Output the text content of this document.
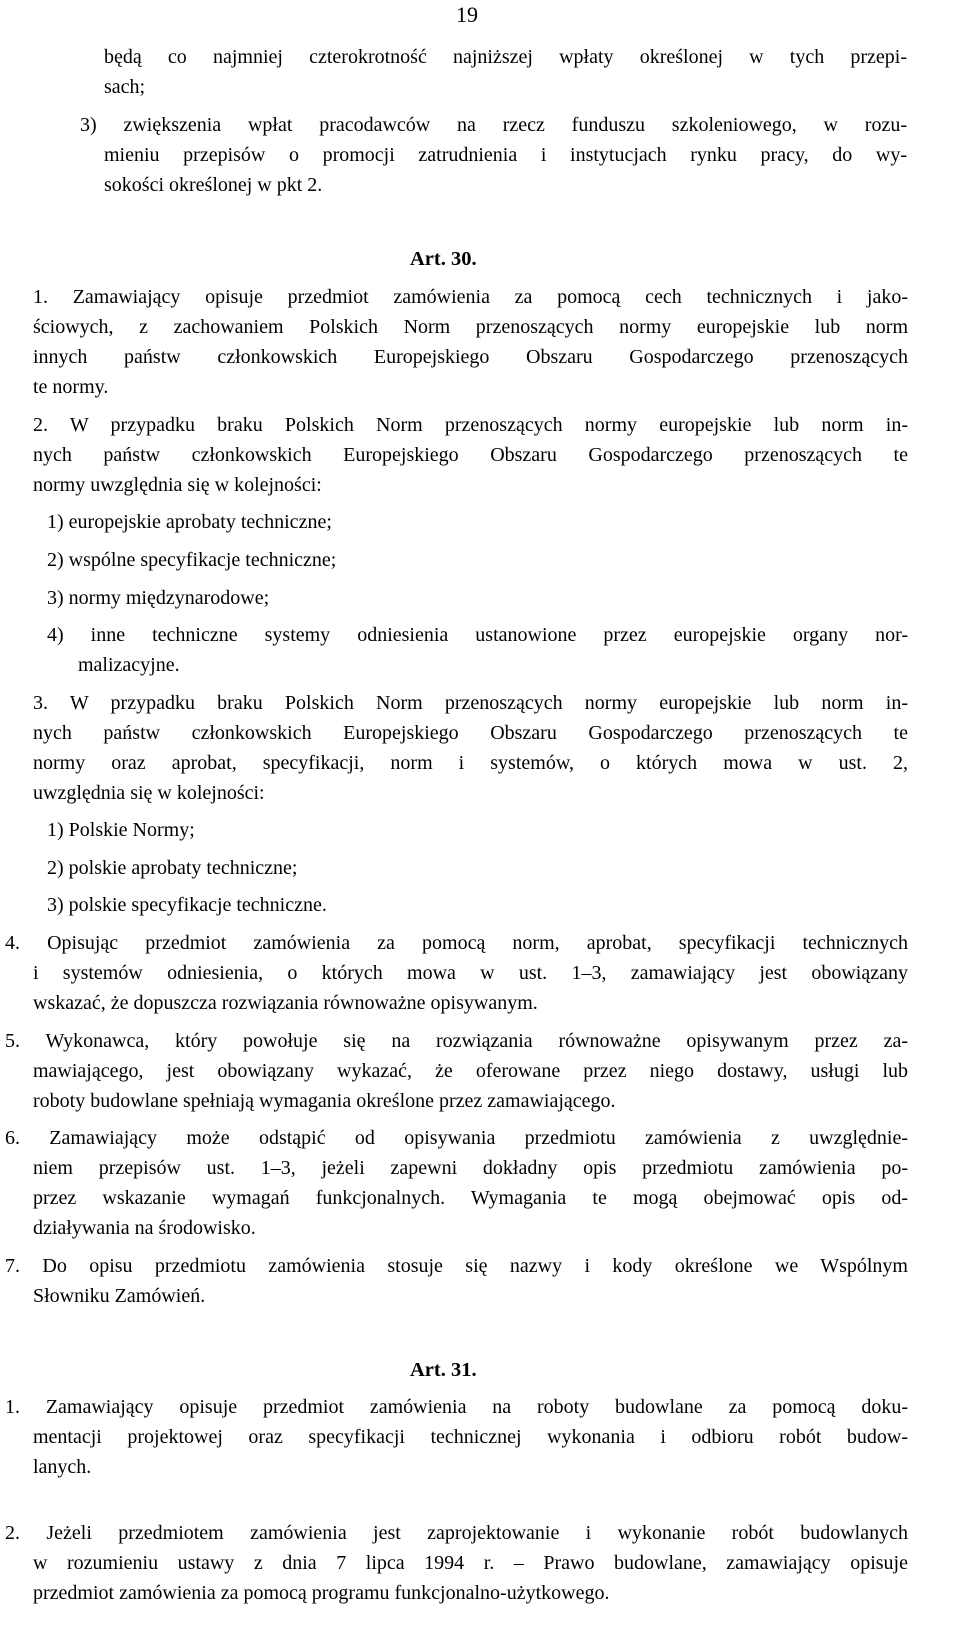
19
będą co najmniej czterokrotność najniższej wpłaty określonej w tych przepi-
sach;
3) zwiększenia wpłat pracodawców na rzecz funduszu szkoleniowego, w rozu-
mieniu przepisów o promocji zatrudnienia i instytucjach rynku pracy, do wy-
sokości określonej w pkt 2.
Art. 30.
1. Zamawiający opisuje przedmiot zamówienia za pomocą cech technicznych i jako-
ściowych, z zachowaniem Polskich Norm przenoszących normy europejskie lub norm
innych państw członkowskich Europejskiego Obszaru Gospodarczego przenoszących
te normy.
2. W przypadku braku Polskich Norm przenoszących normy europejskie lub norm in-
nych państw członkowskich Europejskiego Obszaru Gospodarczego przenoszących te
normy uwzględnia się w kolejności:
1) europejskie aprobaty techniczne;
2) wspólne specyfikacje techniczne;
3) normy międzynarodowe;
4) inne techniczne systemy odniesienia ustanowione przez europejskie organy nor-
malizacyjne.
3. W przypadku braku Polskich Norm przenoszących normy europejskie lub norm in-
nych państw członkowskich Europejskiego Obszaru Gospodarczego przenoszących te
normy oraz aprobat, specyfikacji, norm i systemów, o których mowa w ust. 2,
uwzględnia się w kolejności:
1) Polskie Normy;
2) polskie aprobaty techniczne;
3) polskie specyfikacje techniczne.
4. Opisując przedmiot zamówienia za pomocą norm, aprobat, specyfikacji technicznych
i systemów odniesienia, o których mowa w ust. 1–3, zamawiający jest obowiązany
wskazać, że dopuszcza rozwiązania równoważne opisywanym.
5. Wykonawca, który powołuje się na rozwiązania równoważne opisywanym przez za-
mawiającego, jest obowiązany wykazać, że oferowane przez niego dostawy, usługi lub
roboty budowlane spełniają wymagania określone przez zamawiającego.
6. Zamawiający może odstąpić od opisywania przedmiotu zamówienia z uwzględnie-
niem przepisów ust. 1–3, jeżeli zapewni dokładny opis przedmiotu zamówienia po-
przez wskazanie wymagań funkcjonalnych. Wymagania te mogą obejmować opis od-
działywania na środowisko.
7. Do opisu przedmiotu zamówienia stosuje się nazwy i kody określone we Wspólnym
Słowniku Zamówień.
Art. 31.
1. Zamawiający opisuje przedmiot zamówienia na roboty budowlane za pomocą doku-
mentacji projektowej oraz specyfikacji technicznej wykonania i odbioru robót budow-
lanych.
2. Jeżeli przedmiotem zamówienia jest zaprojektowanie i wykonanie robót budowlanych
w rozumieniu ustawy z dnia 7 lipca 1994 r. – Prawo budowlane, zamawiający opisuje
przedmiot zamówienia za pomocą programu funkcjonalno-użytkowego.
